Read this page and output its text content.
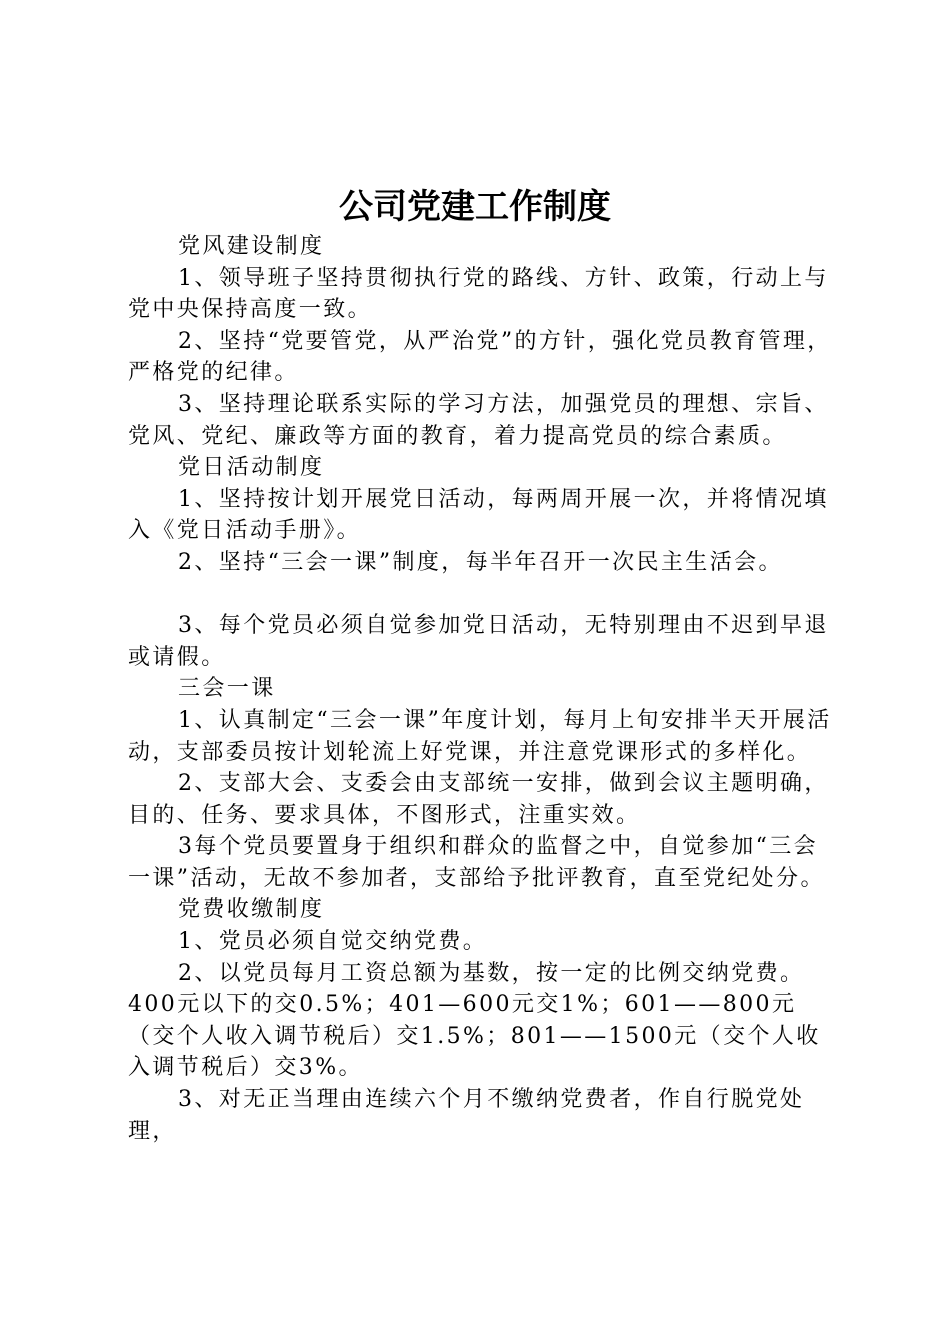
公司党建工作制度

党风建设制度

1、领导班子坚持贯彻执行党的路线、方针、政策，行动上与党中央保持高度一致。

2、坚持“党要管党，从严治党”的方针，强化党员教育管理，严格党的纪律。

3、坚持理论联系实际的学习方法，加强党员的理想、宗旨、党风、党纪、廉政等方面的教育，着力提高党员的综合素质。

党日活动制度

1、坚持按计划开展党日活动，每两周开展一次，并将情况填入《党日活动手册》。

2、坚持“三会一课”制度，每半年召开一次民主生活会。

3、每个党员必须自觉参加党日活动，无特别理由不迟到早退或请假。

三会一课

1、认真制定“三会一课”年度计划，每月上旬安排半天开展活动，支部委员按计划轮流上好党课，并注意党课形式的多样化。

2、支部大会、支委会由支部统一安排，做到会议主题明确，目的、任务、要求具体，不图形式，注重实效。

3每个党员要置身于组织和群众的监督之中，自觉参加“三会一课”活动，无故不参加者，支部给予批评教育，直至党纪处分。

党费收缴制度

1、党员必须自觉交纳党费。

2、以党员每月工资总额为基数，按一定的比例交纳党费。400元以下的交0.5%；401—600元交1%；601——800元（交个人收入调节税后）交1.5%；801——1500元（交个人收入调节税后）交3%。

3、对无正当理由连续六个月不缴纳党费者，作自行脱党处理，
